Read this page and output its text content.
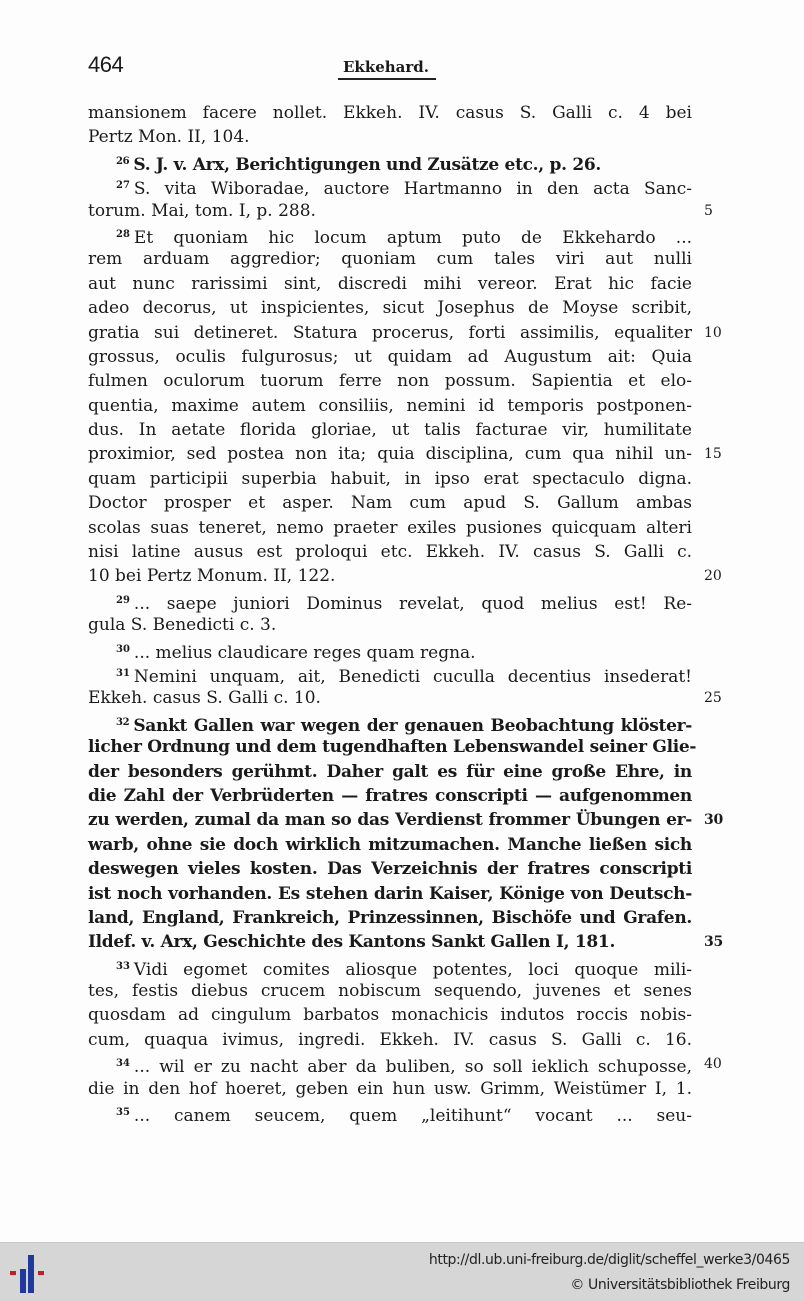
464	Ekkehard.
mansionem facere nollet. Ekkeh. IV. casus S. Galli c. 4 bei
Pertz Mon. II, 104.
$^{26}$ S. J. v. Arx, Berichtigungen und Zusätze etc., p. 26.
$^{27}$ S. vita Wiboradae, auctore Hartmanno in den acta Sanc-
torum. Mai, tom. I, p. 288.	5
$^{28}$ Et quoniam hic locum aptum puto de Ekkehardo ...
rem arduam aggredior; quoniam cum tales viri aut nulli
aut nunc rarissimi sint, discredi mihi vereor. Erat hic facie
adeo decorus, ut inspicientes, sicut Josephus de Moyse scribit,
gratia sui detineret. Statura procerus, forti assimilis, equaliter 10
grossus, oculis fulgurosus; ut quidam ad Augustum ait: Quia
fulmen oculorum tuorum ferre non possum. Sapientia et elo-
quentia, maxime autem consiliis, nemini id temporis postponen-
dus. In aetate florida gloriae, ut talis facturae vir, humilitate
proximior, sed postea non ita; quia disciplina, cum qua nihil un- 15
quam participii superbia habuit, in ipso erat spectaculo digna.
Doctor prosper et asper. Nam cum apud S. Gallum ambas
scolas suas teneret, nemo praeter exiles pusiones quicquam alteri
nisi latine ausus est proloqui etc. Ekkeh. IV. casus S. Galli c.
10 bei Pertz Monum. II, 122.	20
$^{29}$ ... saepe juniori Dominus revelat, quod melius est! Re-
gula S. Benedicti c. 3.
$^{30}$ ... melius claudicare reges quam regna.
$^{31}$ Nemini unquam, ait, Benedicti cuculla decentius insederat!
Ekkeh. casus S. Galli c. 10.	25
$^{32}$ Sankt Gallen war wegen der genauen Beobachtung klöster-
licher Ordnung und dem tugendhaften Lebenswandel seiner Glie-
der besonders gerühmt. Daher galt es für eine große Ehre, in
die Zahl der Verbrüderten — fratres conscripti — aufgenommen
zu werden, zumal da man so das Verdienst frommer Übungen er- 30
warb, ohne sie doch wirklich mitzumachen. Manche ließen sich
deswegen vieles kosten. Das Verzeichnis der fratres conscripti
ist noch vorhanden. Es stehen darin Kaiser, Könige von Deutsch-
land, England, Frankreich, Prinzessinnen, Bischöfe und Grafen.
Ildef. v. Arx, Geschichte des Kantons Sankt Gallen I, 181.	35
$^{33}$ Vidi egomet comites aliosque potentes, loci quoque mili-
tes, festis diebus crucem nobiscum sequendo, juvenes et senes
quosdam ad cingulum barbatos monachicis indutos roccis nobis-
cum, quaqua ivimus, ingredi. Ekkeh. IV. casus S. Galli c. 16.
$^{34}$ ... wil er zu nacht aber da buliben, so soll ieklich schuposse, 40
die in den hof hoeret, geben ein hun usw. Grimm, Weistümer I, 1.
$^{35}$ ... canem seucem, quem „leitihunt“ vocant ... seu-
http://dl.ub.uni-freiburg.de/diglit/scheffel_werke3/0465
© Universitätsbibliothek Freiburg
